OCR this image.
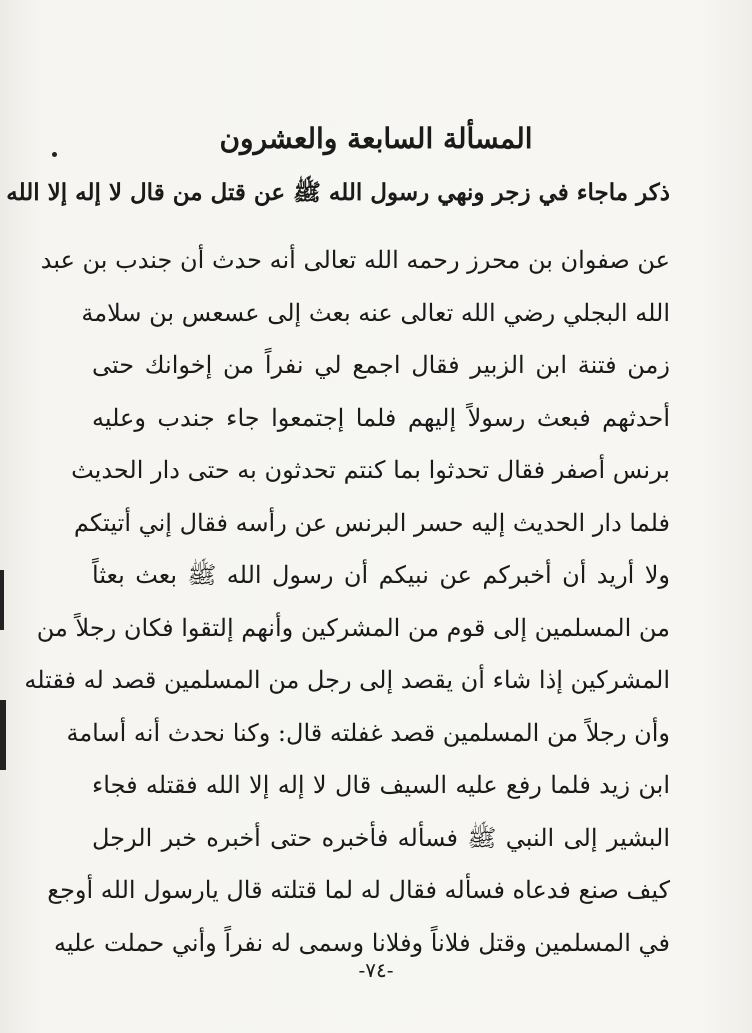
المسألة السابعة والعشرون
ذكر ماجاء في زجر ونهي رسول الله ﷺ عن قتل من قال لا إله إلا الله
عن صفوان بن محرز رحمه الله تعالى أنه حدث أن جندب بن عبد
الله البجلي رضي الله تعالى عنه بعث إلى عسعس بن سلامة
زمن فتنة ابن الزبير فقال اجمع لي نفراً من إخوانك حتى
أحدثهم فبعث رسولاً إليهم فلما إجتمعوا جاء جندب وعليه
برنس أصفر فقال تحدثوا بما كنتم تحدثون به حتى دار الحديث
فلما دار الحديث إليه حسر البرنس عن رأسه فقال إني أتيتكم
ولا أريد أن أخبركم عن نبيكم أن رسول الله ﷺ بعث بعثاً
من المسلمين إلى قوم من المشركين وأنهم إلتقوا فكان رجلاً من
المشركين إذا شاء أن يقصد إلى رجل من المسلمين قصد له فقتله
وأن رجلاً من المسلمين قصد غفلته قال: وكنا نحدث أنه أسامة
ابن زيد فلما رفع عليه السيف قال لا إله إلا الله فقتله فجاء
البشير إلى النبي ﷺ فسأله فأخبره حتى أخبره خبر الرجل
كيف صنع فدعاه فسأله فقال له لما قتلته قال يارسول الله أوجع
في المسلمين وقتل فلاناً وفلانا وسمى له نفراً وأني حملت عليه
-٧٤-
